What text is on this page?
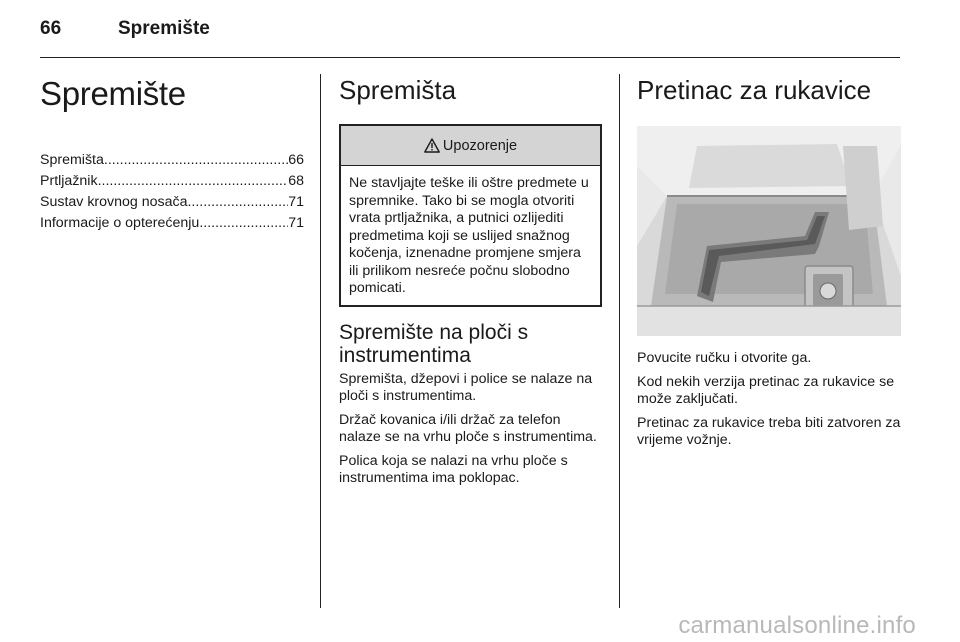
66	Spremište
Spremište
Spremišta .....	66
Prtljažnik .....	68
Sustav krovnog nosača .....	71
Informacije o opterećenju .....	71
Spremišta
Upozorenje
Ne stavljajte teške ili oštre predmete u spremnike. Tako bi se mogla otvoriti vrata prtljažnika, a putnici ozlijediti predmetima koji se uslijed snažnog kočenja, iznenadne promjene smjera ili prilikom nesreće počnu slobodno pomicati.
Spremište na ploči s instrumentima

Spremišta, džepovi i police se nalaze na ploči s instrumentima.

Držač kovanica i/ili držač za telefon nalaze se na vrhu ploče s instrumentima.

Polica koja se nalazi na vrhu ploče s instrumentima ima poklopac.

Pretinac za rukavice

Povucite ručku i otvorite ga.

Kod nekih verzija pretinac za rukavice se može zaključati.

Pretinac za rukavice treba biti zatvoren za vrijeme vožnje.

carmanualsonline.info
